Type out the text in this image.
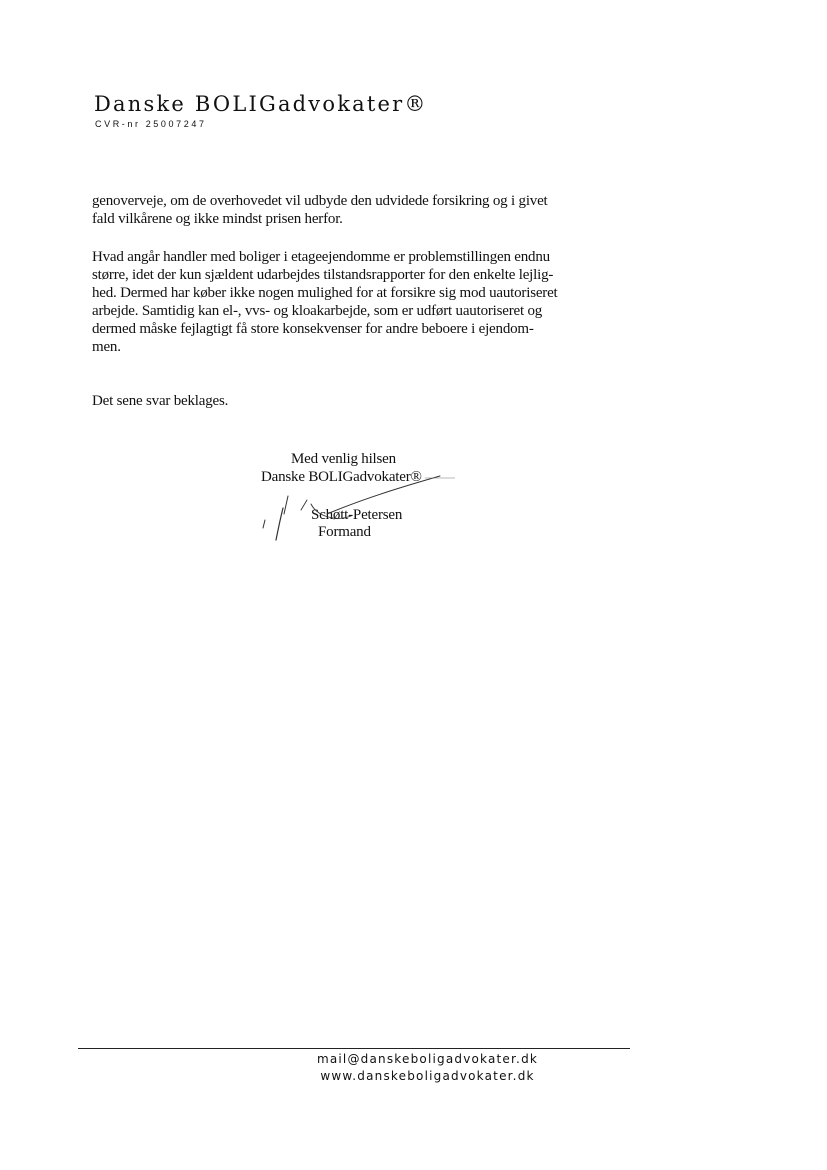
Danske BOLIGadvokater®
CVR-nr 25007247
genoverveje, om de overhovedet vil udbyde den udvidede forsikring og i givet
fald vilkårene og ikke mindst prisen herfor.
Hvad angår handler med boliger i etageejendomme er problemstillingen endnu
større, idet der kun sjældent udarbejdes tilstandsrapporter for den enkelte lejlig-
hed. Dermed har køber ikke nogen mulighed for at forsikre sig mod uautoriseret
arbejde. Samtidig kan el-, vvs- og kloakarbejde, som er udført uautoriseret og
dermed måske fejlagtigt få store konsekvenser for andre beboere i ejendom-
men.
Det sene svar beklages.
Med venlig hilsen
Danske BOLIGadvokater®
Schøtt-Petersen
Formand
mail@danskeboligadvokater.dk
www.danskeboligadvokater.dk
